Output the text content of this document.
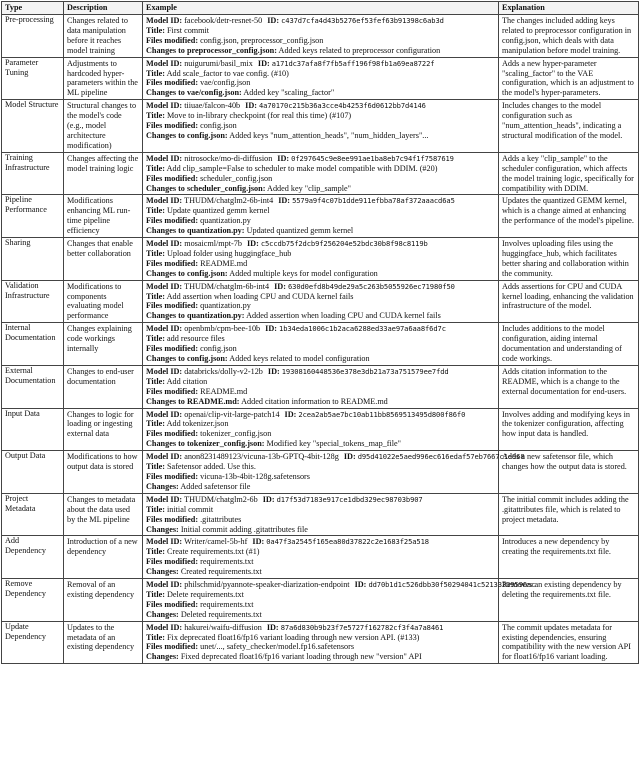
Type	Description	Example	Explanation

Pre-processing	Changes related to data manipulation before it reaches model training	Model ID: facebook/detr-resnet-50 ID: c437d7cfa4d43b5276ef53fef63b91398c6ab3d
Title: First commit
Files modified: config.json, preprocessor_config.json
Changes to preprocessor_config.json: Added keys related to preprocessor configuration	The changes included adding keys related to preprocessor configuration in config.json, which deals with data manipulation before model training.

Parameter Tuning	Adjustments to hardcoded hyper-parameters within the ML pipeline	Model ID: nuigurumi/basil_mix ID: a171dc37afa8f7fb5aff196f98fb1a69ea8722f
Title: Add scale_factor to vae config. (#10)
Files modified: vae/config.json
Changes to vae/config.json: Added key "scaling_factor"	Adds a new hyper-parameter "scaling_factor" to the VAE configuration, which is an adjustment to the model's hyper-parameters.

Model Structure	Structural changes to the model's code (e.g., model architecture modification)	Model ID: tiiuae/falcon-40b ID: 4a70170c215b36a3cce4b4253f6d0612bb7d4146
Title: Move to in-library checkpoint (for real this time) (#107)
Files modified: config.json
Changes to config.json: Added keys "num_attention_heads", "num_hidden_layers"...	Includes changes to the model configuration such as "num_attention_heads", indicating a structural modification of the model.

Training Infrastructure	Changes affecting the model training logic	Model ID: nitrosocke/mo-di-diffusion ID: 0f297645c9e8ee991ae1ba8eb7c94f1f7587619
Title: Add clip_sample=False to scheduler to make model compatible with DDIM. (#20)
Files modified: scheduler_config.json
Changes to scheduler_config.json: Added key "clip_sample"	Adds a key "clip_sample" to the scheduler configuration, which affects the model training logic, specifically for compatibility with DDIM.

Pipeline Performance	Modifications enhancing ML run-time pipeline efficiency	Model ID: THUDM/chatglm2-6b-int4 ID: 5579a9f4c07b1dde911efbba78af372aaacd6a5
Title: Update quantized gemm kernel
Files modified: quantization.py
Changes to quantization.py: Updated quantized gemm kernel	Updates the quantized GEMM kernel, which is a change aimed at enhancing the performance of the model's pipeline.

Sharing	Changes that enable better collaboration	Model ID: mosaicml/mpt-7b ID: c5ccdb75f2dcb9f256204e52bdc30b8f98c8119b
Title: Upload folder using huggingface_hub
Files modified: README.md
Changes to config.json: Added multiple keys for model configuration	Involves uploading files using the huggingface_hub, which facilitates better sharing and collaboration within the community.

Validation Infrastructure	Modifications to components evaluating model performance	Model ID: THUDM/chatglm-6b-int4 ID: 630d0efd8b49de29a5c263b5055926ec71980f50
Title: Add assertion when loading CPU and CUDA kernel fails
Files modified: quantization.py
Changes to quantization.py: Added assertion when loading CPU and CUDA kernel fails	Adds assertions for CPU and CUDA kernel loading, enhancing the validation infrastructure of the model.

Internal Documentation	Changes explaining code workings internally	Model ID: openbmb/cpm-bee-10b ID: 1b34eda1006c1b2aca6288ed33ae97a6aa8f6d7c
Title: add resource files
Files modified: config.json
Changes to config.json: Added keys related to model configuration	Includes additions to the model configuration, aiding internal documentation and understanding of code workings.

External Documentation	Changes to end-user documentation	Model ID: databricks/dolly-v2-12b ID: 19308160448536e378e3db21a73a751579ee7fdd
Title: Add citation
Files modified: README.md
Changes to README.md: Added citation information to README.md	Adds citation information to the README, which is a change to the external documentation for end-users.

Input Data	Changes to logic for loading or ingesting external data	Model ID: openai/clip-vit-large-patch14 ID: 2cea2ab5ae7bc10ab11bb8569513495d800f86f0
Title: Add tokenizer.json
Files modified: tokenizer_config.json
Changes to tokenizer_config.json: Modified key "special_tokens_map_file"	Involves adding and modifying keys in the tokenizer configuration, affecting how input data is handled.

Output Data	Modifications to how output data is stored	Model ID: anon8231489123/vicuna-13b-GPTQ-4bit-128g ID: d95d41022e5aed996ec616edaf57eb7667c1e968
Title: Safetensor added. Use this.
Files modified: vicuna-13b-4bit-128g.safetensors
Changes: Added safetensor file	Adds a new safetensor file, which changes how the output data is stored.

Project Metadata	Changes to metadata about the data used by the ML pipeline	Model ID: THUDM/chatglm2-6b ID: d17f53d7183e917ce1dbd329ec98703b907
Title: initial commit
Files modified: .gitattributes
Changes: Initial commit adding .gitattributes file	The initial commit includes adding the .gitattributes file, which is related to project metadata.

Add Dependency	Introduction of a new dependency	Model ID: Writer/camel-5b-hf ID: 0a47f3a2545f165ea80d37822c2e1683f25a518
Title: Create requirements.txt (#1)
Files modified: requirements.txt
Changes: Created requirements.txt	Introduces a new dependency by creating the requirements.txt file.

Remove Dependency	Removal of an existing dependency	Model ID: philschmid/pyannote-speaker-diarization-endpoint ID: dd70b1d1c526dbb30f50294041c52133209596ac
Title: Delete requirements.txt
Files modified: requirements.txt
Changes: Deleted requirements.txt	Removes an existing dependency by deleting the requirements.txt file.

Update Dependency	Updates to the metadata of an existing dependency	Model ID: hakurei/waifu-diffusion ID: 87a6d830b9b23f7e5727f162782cf3f4a7a8461
Title: Fix deprecated float16/fp16 variant loading through new version API. (#133)
Files modified: unet/..., safety_checker/model.fp16.safetensors
Changes: Fixed deprecated float16/fp16 variant loading through new "version" API	The commit updates metadata for existing dependencies, ensuring compatibility with the new version API for float16/fp16 variant loading.
